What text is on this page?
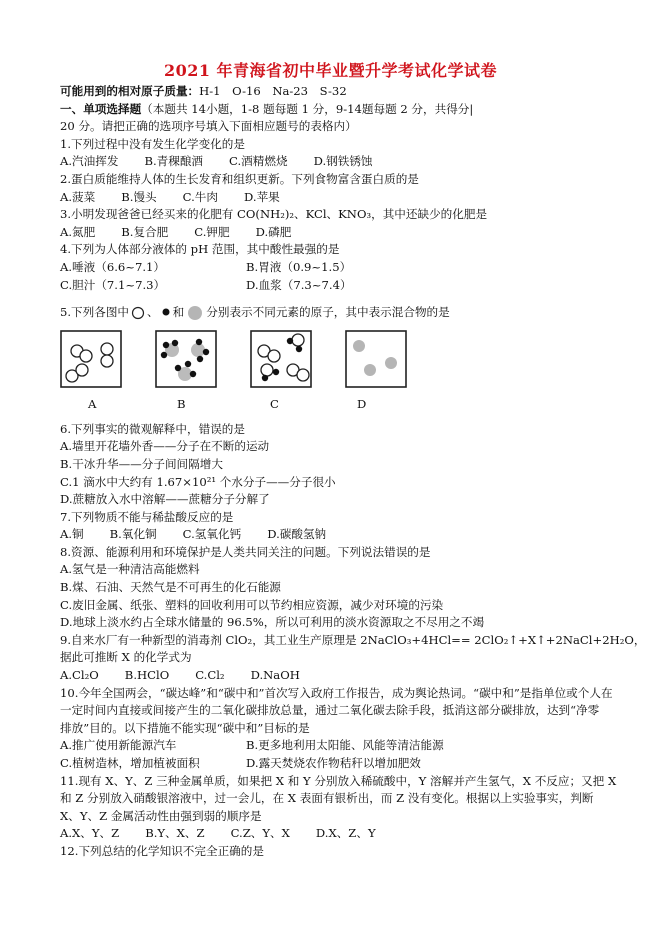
2021 年青海省初中毕业暨升学考试化学试卷
可能用到的相对原子质量：H-1　O-16　Na-23　S-32
一、单项选择题（本题共 14小题，1-8 题每题 1 分，9-14题每题 2 分，共得分|
20 分。请把正确的选项序号填入下面相应题号的表格内）
1.下列过程中没有发生化学变化的是
A.汽油挥发 B.青稞酿酒 C.酒精燃烧 D.钢铁锈蚀
2.蛋白质能维持人体的生长发育和组织更新。下列食物富含蛋白质的是
A.菠菜 B.馒头 C.牛肉 D.苹果
3.小明发现爸爸已经买来的化肥有 CO(NH₂)₂、KCl、KNO₃，其中还缺少的化肥是
A.氮肥 B.复合肥 C.钾肥 D.磷肥
4.下列为人体部分液体的 pH 范围，其中酸性最强的是
A.唾液（6.6~7.1）	B.胃液（0.9~1.5）
C.胆汁（7.1~7.3）	D.血浆（7.3~7.4）
5.下列各图中 、 和 分别表示不同元素的原子，其中表示混合物的是
A	B	C	D
6.下列事实的微观解释中，错误的是
A.墙里开花墙外香——分子在不断的运动
B.干冰升华——分子间间隔增大
C.1 滴水中大约有 1.67×10²¹ 个水分子——分子很小
D.蔗糖放入水中溶解——蔗糖分子分解了
7.下列物质不能与稀盐酸反应的是
A.铜 B.氧化铜 C.氢氧化钙 D.碳酸氢钠
8.资源、能源利用和环境保护是人类共同关注的问题。下列说法错误的是
A.氢气是一种清洁高能燃料
B.煤、石油、天然气是不可再生的化石能源
C.废旧金属、纸张、塑料的回收利用可以节约相应资源，减少对环境的污染
D.地球上淡水约占全球水储量的 96.5%，所以可利用的淡水资源取之不尽用之不竭
9.自来水厂有一种新型的消毒剂 ClO₂，其工业生产原理是 2NaClO₃+4HCl== 2ClO₂↑+X↑+2NaCl+2H₂O，
据此可推断 X 的化学式为
A.Cl₂O B.HClO C.Cl₂ D.NaOH
10.今年全国两会，“碳达峰”和“碳中和”首次写入政府工作报告，成为舆论热词。“碳中和”是指单位或个人在
一定时间内直接或间接产生的二氧化碳排放总量，通过二氧化碳去除手段，抵消这部分碳排放，达到“净零
排放”目的。以下措施不能实现“碳中和”目标的是
A.推广使用新能源汽车	B.更多地利用太阳能、风能等清洁能源
C.植树造林，增加植被面积	D.露天焚烧农作物秸秆以增加肥效
11.现有 X、Y、Z 三种金属单质，如果把 X 和 Y 分别放入稀硫酸中，Y 溶解并产生氢气，X 不反应；又把 X
和 Z 分别放入硝酸银溶液中，过一会儿，在 X 表面有银析出，而 Z 没有变化。根据以上实验事实，判断
X、Y、Z 金属活动性由强到弱的顺序是
A.X、Y、Z B.Y、X、Z C.Z、Y、X D.X、Z、Y
12.下列总结的化学知识不完全正确的是
